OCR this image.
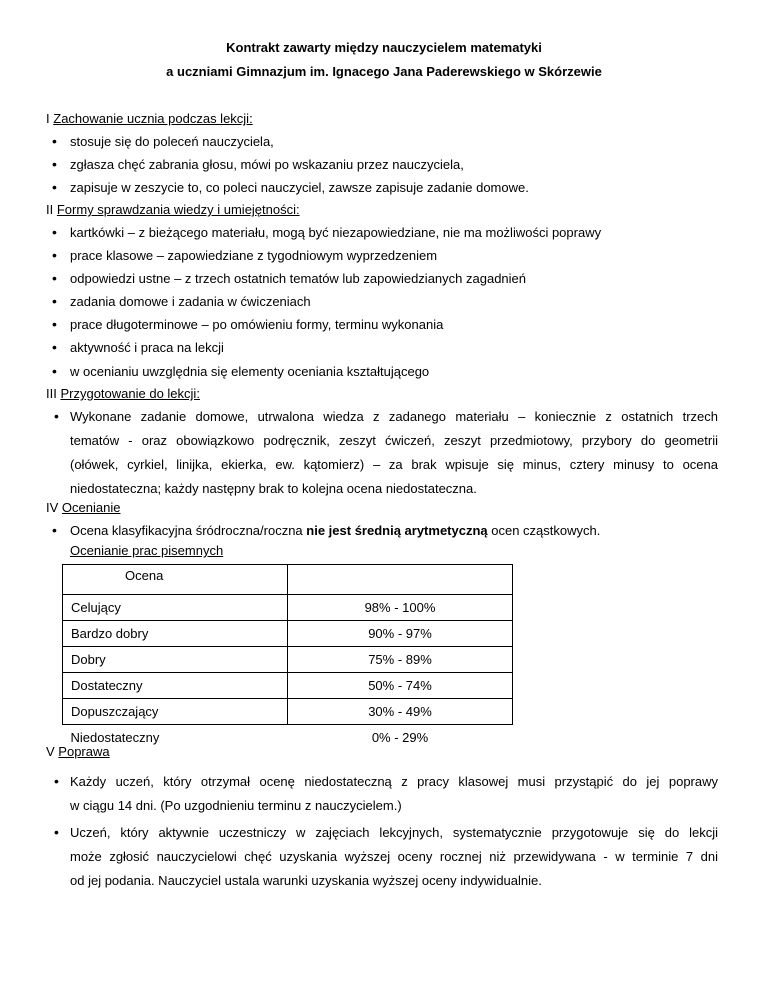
Kontrakt zawarty między nauczycielem matematyki
a uczniami Gimnazjum im. Ignacego Jana Paderewskiego w Skórzewie
I Zachowanie ucznia podczas lekcji:
stosuje się do poleceń nauczyciela,
zgłasza chęć zabrania głosu, mówi po wskazaniu przez nauczyciela,
zapisuje w zeszycie to, co poleci nauczyciel, zawsze zapisuje zadanie domowe.
II Formy sprawdzania wiedzy i umiejętności:
kartkówki – z bieżącego materiału, mogą być niezapowiedziane, nie ma możliwości poprawy
prace klasowe – zapowiedziane z tygodniowym wyprzedzeniem
odpowiedzi ustne – z trzech ostatnich tematów lub zapowiedzianych zagadnień
zadania domowe i zadania w ćwiczeniach
prace długoterminowe – po omówieniu formy, terminu wykonania
aktywność i praca na lekcji
w ocenianiu uwzględnia się elementy oceniania kształtującego
III Przygotowanie do lekcji:
• Wykonane zadanie domowe, utrwalona wiedza z zadanego materiału – koniecznie z ostatnich trzech
tematów - oraz obowiązkowo podręcznik, zeszyt ćwiczeń, zeszyt przedmiotowy, przybory do geometrii
(ołówek, cyrkiel, linijka, ekierka, ew. kątomierz) – za brak wpisuje się minus, cztery minusy to ocena
niedostateczna; każdy następny brak to kolejna ocena niedostateczna.
IV Ocenianie
Ocena klasyfikacyjna śródroczna/roczna nie jest średnią arytmetyczną ocen cząstkowych.
Ocenianie prac pisemnych
Ocena	
Celujący	98% - 100%
Bardzo dobry	90% - 97%
Dobry	75% - 89%
Dostateczny	50% - 74%
Dopuszczający	30% - 49%
Niedostateczny	0% - 29%
V Poprawa
• Każdy uczeń, który otrzymał ocenę niedostateczną z pracy klasowej musi przystąpić do jej poprawy
w ciągu 14 dni. (Po uzgodnieniu terminu z nauczycielem.)
• Uczeń, który aktywnie uczestniczy w zajęciach lekcyjnych, systematycznie przygotowuje się do lekcji
może zgłosić nauczycielowi chęć uzyskania wyższej oceny rocznej niż przewidywana - w terminie 7 dni
od jej podania. Nauczyciel ustala warunki uzyskania wyższej oceny indywidualnie.
